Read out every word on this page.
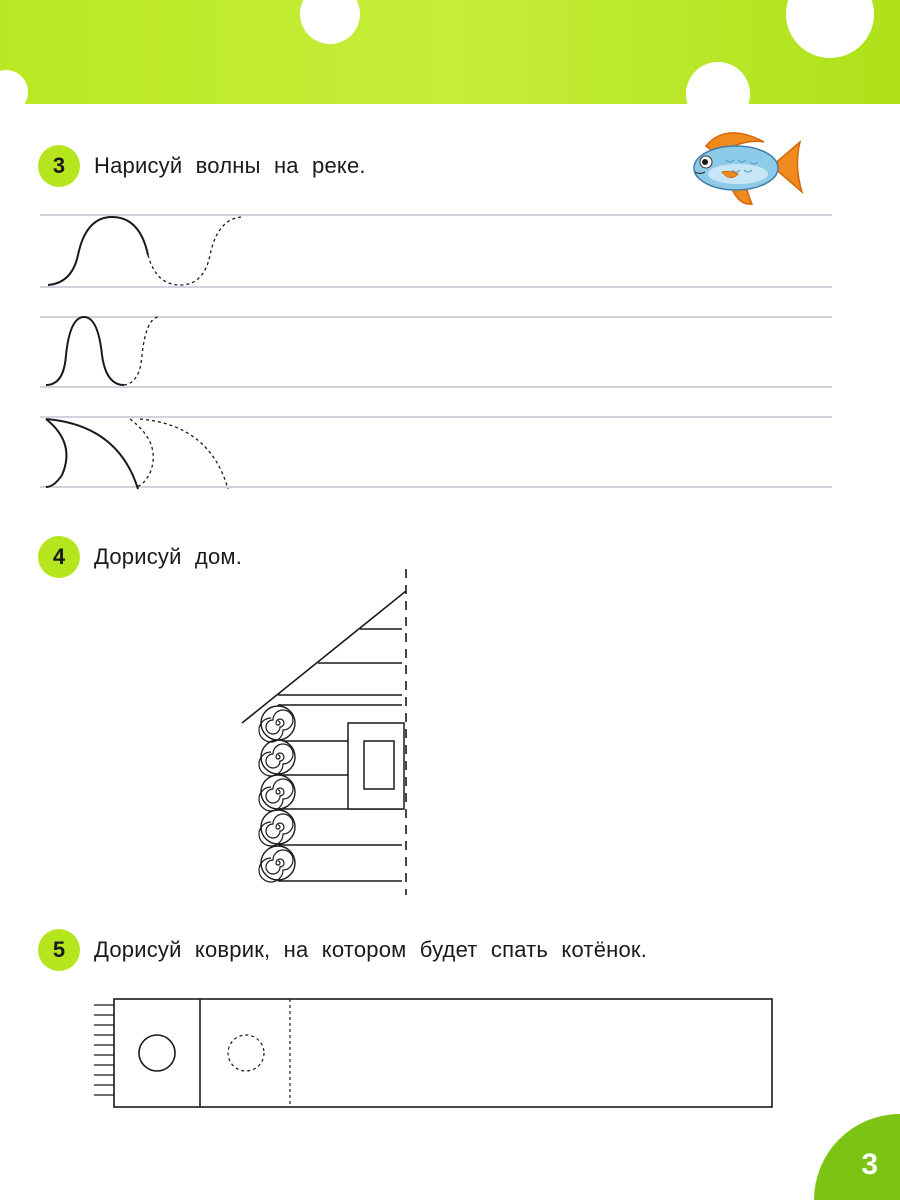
3	Нарисуй волны на реке.
4	Дорисуй дом.
5	Дорисуй коврик, на котором будет спать котёнок.
3
